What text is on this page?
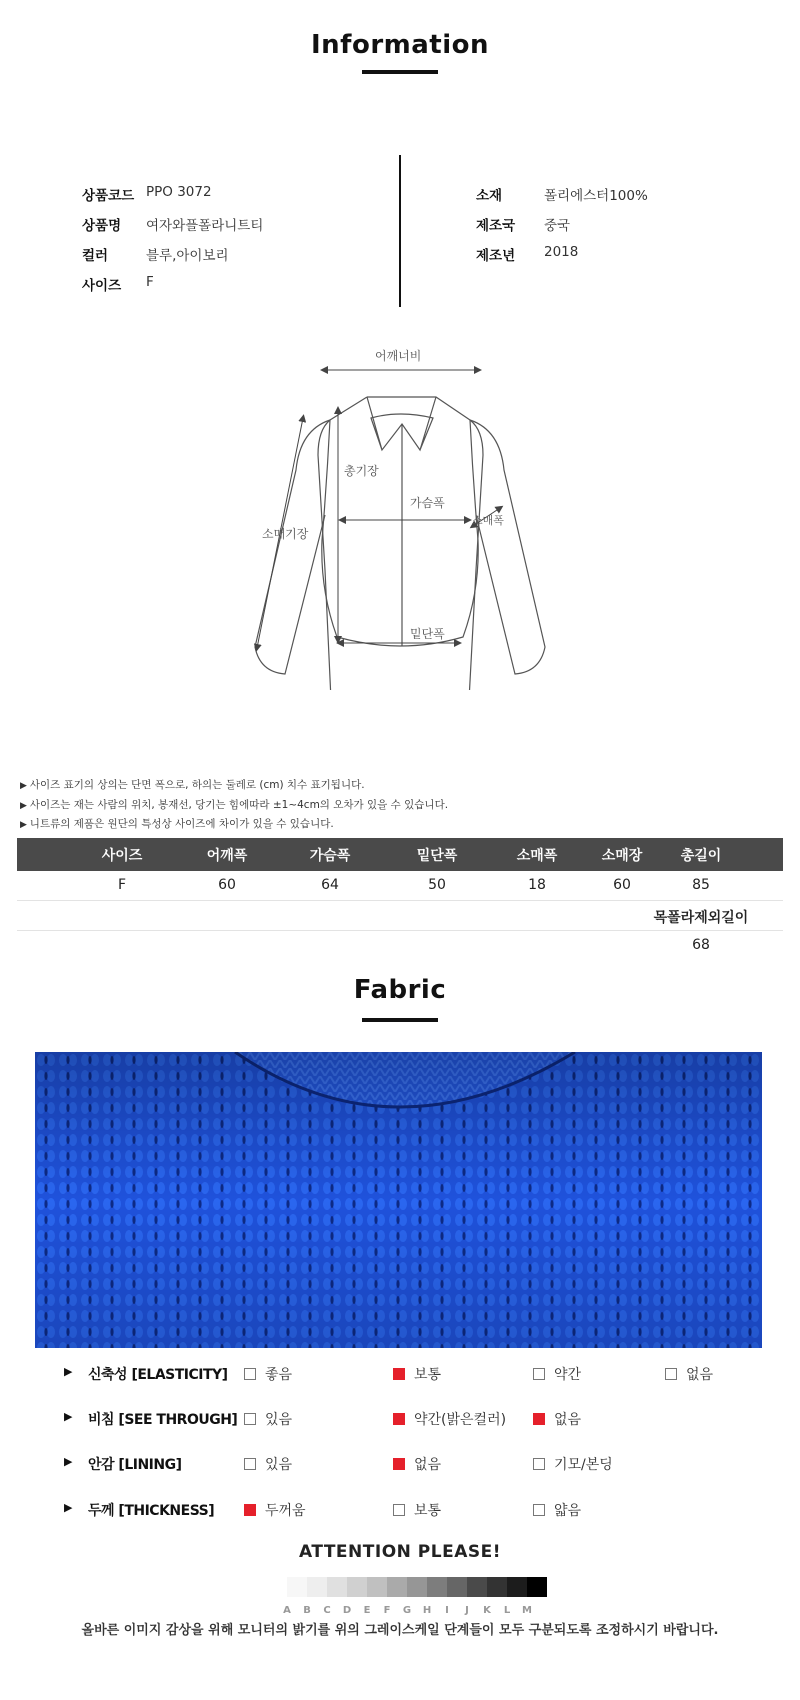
Information
상품코드 PPO 3072
상품명	여자와플폴라니트티
컬러	블루,아이보리
사이즈	F
소재	폴리에스터100%
제조국	중국
제조년	2018
어깨너비
총기장
가슴폭
소매폭
소매기장
밑단폭
▶ 사이즈 표기의 상의는 단면 폭으로, 하의는 둘레로 (cm) 치수 표기됩니다.
▶ 사이즈는 재는 사람의 위치, 봉재선, 당기는 힘에따라 ±1~4cm의 오차가 있을 수 있습니다.
▶ 니트류의 제품은 원단의 특성상 사이즈에 차이가 있을 수 있습니다.
사이즈	어깨폭	가슴폭	밑단폭	소매폭	소매장	총길이
F	60	64	50	18	60	85
목폴라제외길이
68
Fabric
▶ 신축성 [ELASTICITY]	좋음	보통	약간	없음
▶ 비침 [SEE THROUGH] 있음	약간(밝은컬러)	없음
▶ 안감 [LINING]	있음	없음	기모/본딩
▶ 두께 [THICKNESS]	두꺼움	보통	얇음
ATTENTION PLEASE!
A	B	C	D	E	F	G	H	I	J	K	L	M
올바른 이미지 감상을 위해 모니터의 밝기를 위의 그레이스케일 단계들이 모두 구분되도록 조정하시기 바랍니다.
